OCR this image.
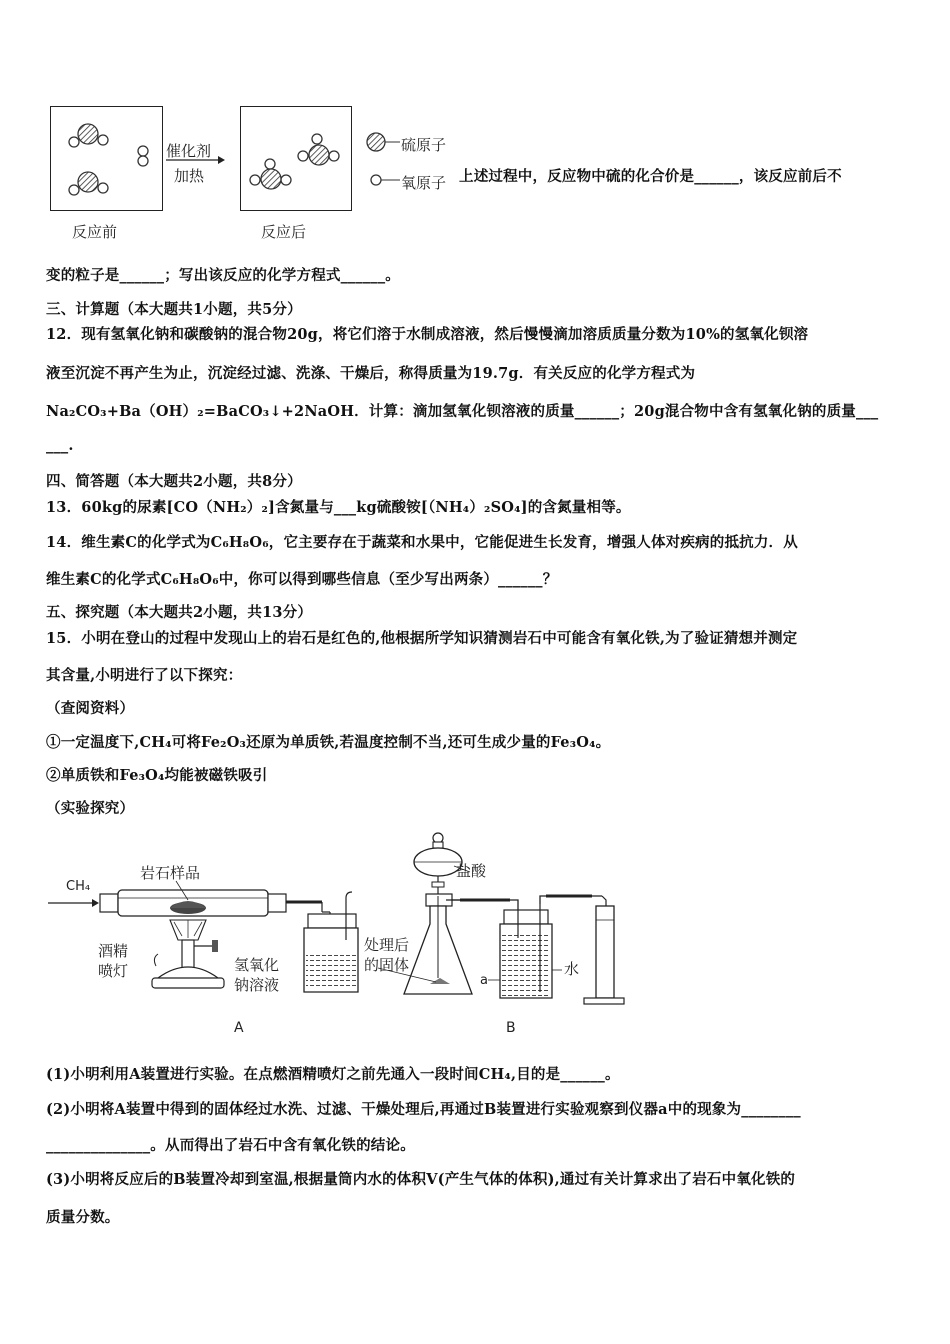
反应前
催化剂
加热
反应后
硫原子
氧原子 上述过程中，反应物中硫的化合价是______，该反应前后不
变的粒子是______；写出该反应的化学方程式______。
三、计算题（本大题共1小题，共5分）
12．现有氢氧化钠和碳酸钠的混合物20g，将它们溶于水制成溶液，然后慢慢滴加溶质质量分数为10%的氢氧化钡溶
液至沉淀不再产生为止，沉淀经过滤、洗涤、干燥后，称得质量为19.7g．有关反应的化学方程式为
Na₂CO₃+Ba（OH）₂=BaCO₃↓+2NaOH．计算：滴加氢氧化钡溶液的质量______；20g混合物中含有氢氧化钠的质量___
___.
四、简答题（本大题共2小题，共8分）
13．60kg的尿素[CO（NH₂）₂]含氮量与___kg硫酸铵[（NH₄）₂SO₄]的含氮量相等。
14．维生素C的化学式为C₆H₈O₆，它主要存在于蔬菜和水果中，它能促进生长发育，增强人体对疾病的抵抗力．从
维生素C的化学式C₆H₈O₆中，你可以得到哪些信息（至少写出两条）______？
五、探究题（本大题共2小题，共13分）
15．小明在登山的过程中发现山上的岩石是红色的,他根据所学知识猜测岩石中可能含有氧化铁,为了验证猜想并测定
其含量,小明进行了以下探究：
（查阅资料）
①一定温度下,CH₄可将Fe₂O₃还原为单质铁,若温度控制不当,还可生成少量的Fe₃O₄。
②单质铁和Fe₃O₄均能被磁铁吸引
（实验探究）
CH₄
岩石样品
酒精
喷灯	氢氧化
钠溶液
处理后
的固体
盐酸
a
水
A	B
(1)小明利用A装置进行实验。在点燃酒精喷灯之前先通入一段时间CH₄,目的是______。
(2)小明将A装置中得到的固体经过水洗、过滤、干燥处理后,再通过B装置进行实验观察到仪器a中的现象为________
______________。从而得出了岩石中含有氧化铁的结论。
(3)小明将反应后的B装置冷却到室温,根据量筒内水的体积V(产生气体的体积),通过有关计算求出了岩石中氧化铁的
质量分数。
